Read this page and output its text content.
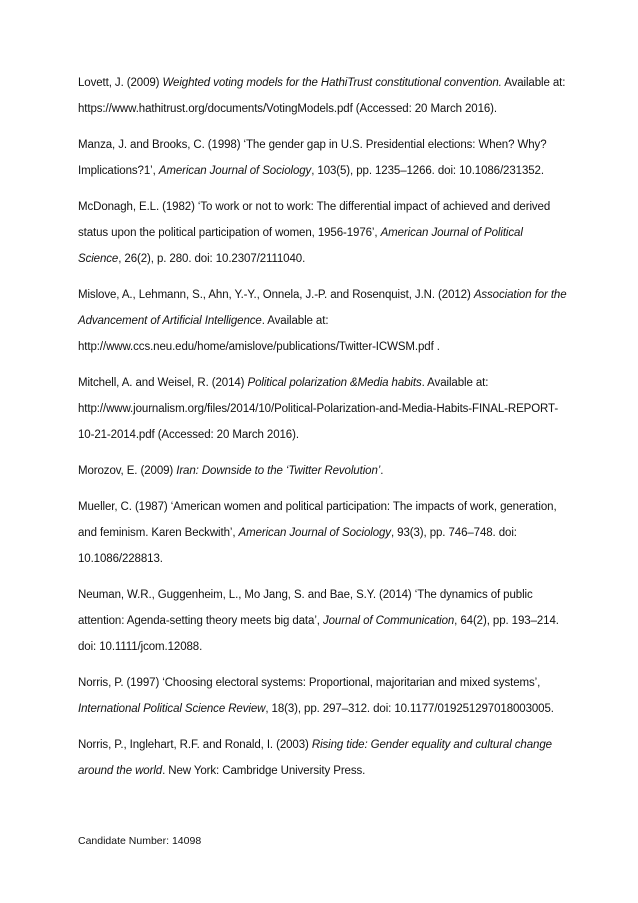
Lovett, J. (2009) Weighted voting models for the HathiTrust constitutional convention. Available at: https://www.hathitrust.org/documents/VotingModels.pdf (Accessed: 20 March 2016).

Manza, J. and Brooks, C. (1998) ‘The gender gap in U.S. Presidential elections: When? Why? Implications?1’, American Journal of Sociology, 103(5), pp. 1235–1266. doi: 10.1086/231352.

McDonagh, E.L. (1982) ‘To work or not to work: The differential impact of achieved and derived status upon the political participation of women, 1956-1976’, American Journal of Political Science, 26(2), p. 280. doi: 10.2307/2111040.

Mislove, A., Lehmann, S., Ahn, Y.-Y., Onnela, J.-P. and Rosenquist, J.N. (2012) Association for the Advancement of Artificial Intelligence. Available at: http://www.ccs.neu.edu/home/amislove/publications/Twitter-ICWSM.pdf .

Mitchell, A. and Weisel, R. (2014) Political polarization &Media habits. Available at: http://www.journalism.org/files/2014/10/Political-Polarization-and-Media-Habits-FINAL-REPORT-10-21-2014.pdf (Accessed: 20 March 2016).

Morozov, E. (2009) Iran: Downside to the ‘Twitter Revolution’.

Mueller, C. (1987) ‘American women and political participation: The impacts of work, generation, and feminism. Karen Beckwith’, American Journal of Sociology, 93(3), pp. 746–748. doi: 10.1086/228813.

Neuman, W.R., Guggenheim, L., Mo Jang, S. and Bae, S.Y. (2014) ‘The dynamics of public attention: Agenda-setting theory meets big data’, Journal of Communication, 64(2), pp. 193–214. doi: 10.1111/jcom.12088.

Norris, P. (1997) ‘Choosing electoral systems: Proportional, majoritarian and mixed systems’, International Political Science Review, 18(3), pp. 297–312. doi: 10.1177/019251297018003005.

Norris, P., Inglehart, R.F. and Ronald, I. (2003) Rising tide: Gender equality and cultural change around the world. New York: Cambridge University Press.

Candidate Number: 14098
